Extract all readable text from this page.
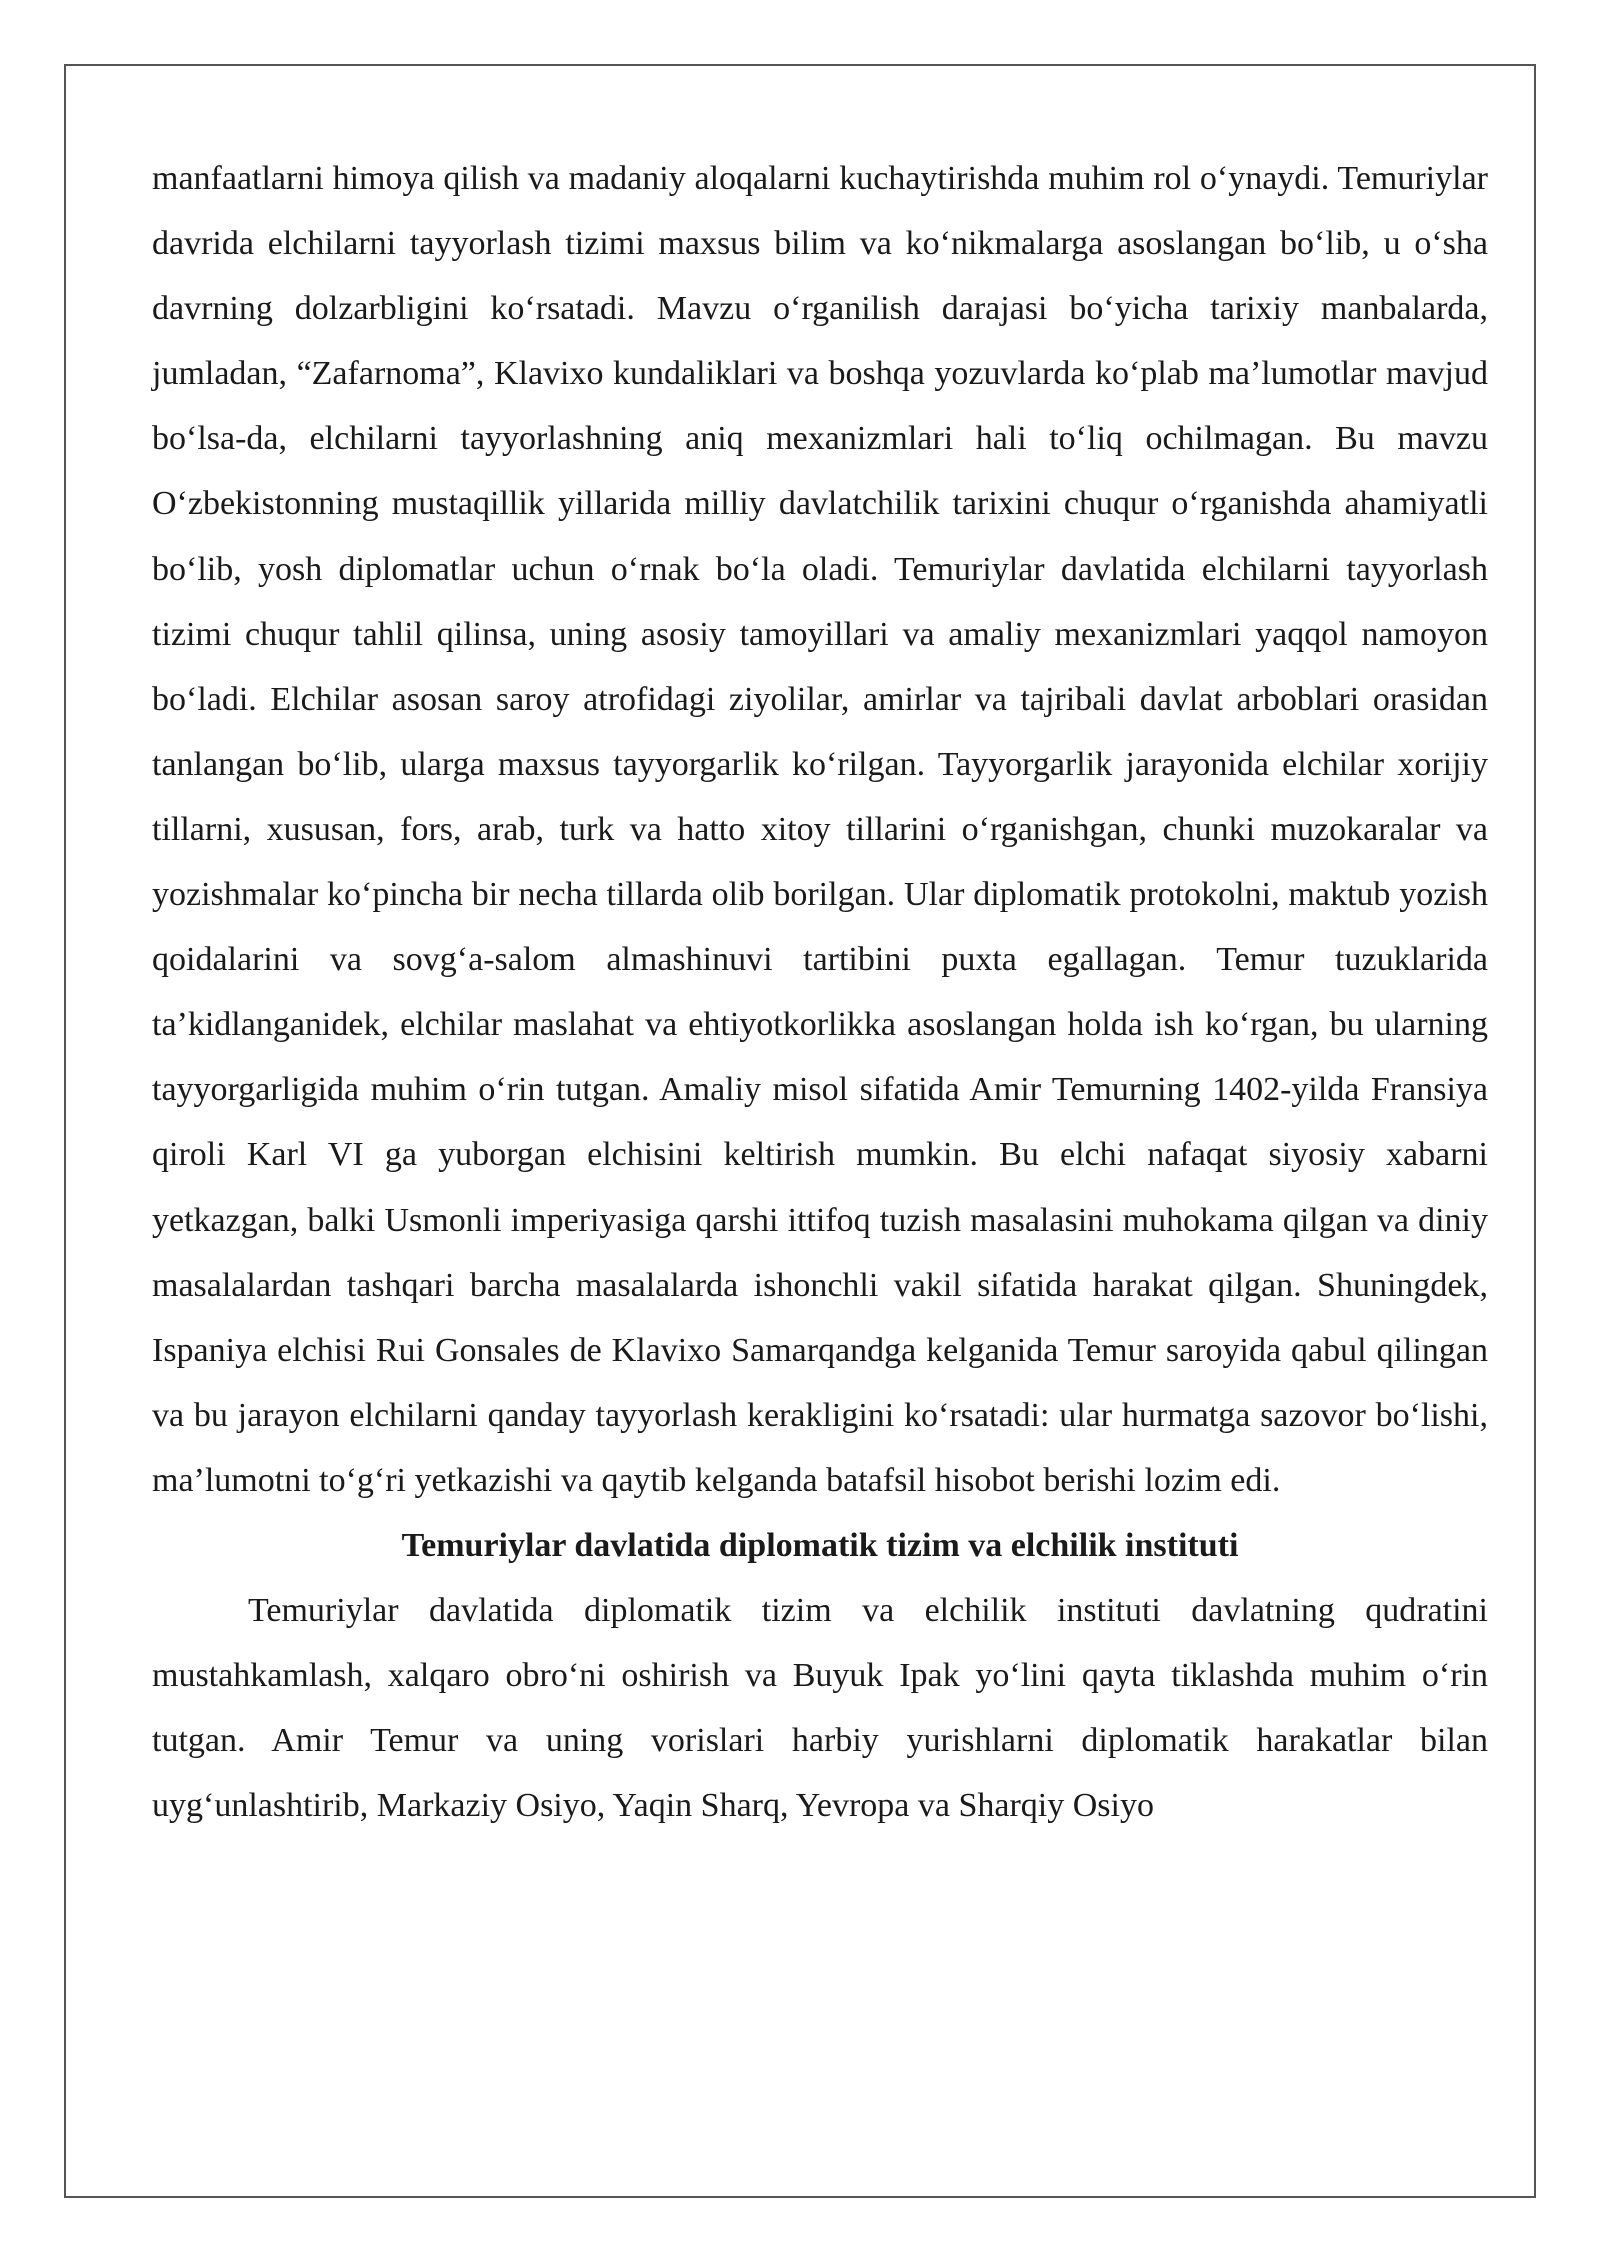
manfaatlarni himoya qilish va madaniy aloqalarni kuchaytirishda muhim rol o‘ynaydi. Temuriylar davrida elchilarni tayyorlash tizimi maxsus bilim va ko‘nikmalarga asoslangan bo‘lib, u o‘sha davrning dolzarbligini ko‘rsatadi. Mavzu o‘rganilish darajasi bo‘yicha tarixiy manbalarda, jumladan, “Zafarnoma”, Klavixo kundaliklari va boshqa yozuvlarda ko‘plab ma’lumotlar mavjud bo‘lsa-da, elchilarni tayyorlashning aniq mexanizmlari hali to‘liq ochilmagan. Bu mavzu O‘zbekistonning mustaqillik yillarida milliy davlatchilik tarixini chuqur o‘rganishda ahamiyatli bo‘lib, yosh diplomatlar uchun o‘rnak bo‘la oladi. Temuriylar davlatida elchilarni tayyorlash tizimi chuqur tahlil qilinsa, uning asosiy tamoyillari va amaliy mexanizmlari yaqqol namoyon bo‘ladi. Elchilar asosan saroy atrofidagi ziyolilar, amirlar va tajribali davlat arboblari orasidan tanlangan bo‘lib, ularga maxsus tayyorgarlik ko‘rilgan. Tayyorgarlik jarayonida elchilar xorijiy tillarni, xususan, fors, arab, turk va hatto xitoy tillarini o‘rganishgan, chunki muzokaralar va yozishmalar ko‘pincha bir necha tillarda olib borilgan. Ular diplomatik protokolni, maktub yozish qoidalarini va sovg‘a-salom almashinuvi tartibini puxta egallagan. Temur tuzuklarida ta’kidlanganidek, elchilar maslahat va ehtiyotkorlikka asoslangan holda ish ko‘rgan, bu ularning tayyorgarligida muhim o‘rin tutgan. Amaliy misol sifatida Amir Temurning 1402-yilda Fransiya qiroli Karl VI ga yuborgan elchisini keltirish mumkin. Bu elchi nafaqat siyosiy xabarni yetkazgan, balki Usmonli imperiyasiga qarshi ittifoq tuzish masalasini muhokama qilgan va diniy masalalardan tashqari barcha masalalarda ishonchli vakil sifatida harakat qilgan. Shuningdek, Ispaniya elchisi Rui Gonsales de Klavixo Samarqandga kelganida Temur saroyida qabul qilingan va bu jarayon elchilarni qanday tayyorlash kerakligini ko‘rsatadi: ular hurmatga sazovor bo‘lishi, ma’lumotni to‘g‘ri yetkazishi va qaytib kelganda batafsil hisobot berishi lozim edi.

Temuriylar davlatida diplomatik tizim va elchilik instituti

Temuriylar davlatida diplomatik tizim va elchilik instituti davlatning qudratini mustahkamlash, xalqaro obro‘ni oshirish va Buyuk Ipak yo‘lini qayta tiklashda muhim o‘rin tutgan. Amir Temur va uning vorislari harbiy yurishlarni diplomatik harakatlar bilan uyg‘unlashtirib, Markaziy Osiyo, Yaqin Sharq, Yevropa va Sharqiy Osiyo
